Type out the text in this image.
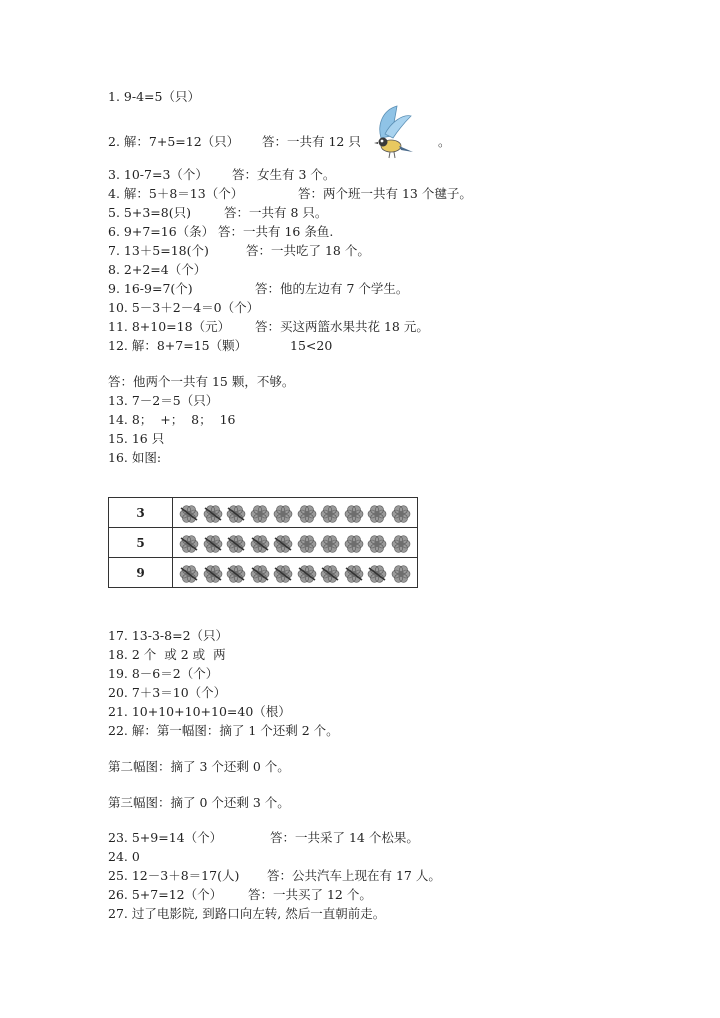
1. 9-4=5（只）
2. 解：7+5=12（只） 答：一共有 12 只	。
3. 10-7=3（个） 答：女生有 3 个。
4. 解：5＋8＝13（个）	答：两个班一共有 13 个毽子。
5. 5+3=8(只)	答：一共有 8 只。
6. 9+7=16（条） 答：一共有 16 条鱼.
7. 13＋5=18(个)	答：一共吃了 18 个。
8. 2+2=4（个）
9. 16-9=7(个)	答：他的左边有 7 个学生。
10. 5－3＋2－4＝0（个）
11. 8+10=18（元） 答：买这两篮水果共花 18 元。
12. 解：8+7=15（颗）	15<20
答：他两个一共有 15 颗，不够。
13. 7－2＝5（只）
14. 8；  +；  8；  16
15. 16 只
16. 如图:
3
5
9
17. 13-3-8=2（只）
18. 2 个  或 2 或  两
19. 8－6＝2（个）
20. 7＋3＝10（个）
21. 10+10+10+10=40（根）
22. 解：第一幅图：摘了 1 个还剩 2 个。
第二幅图：摘了 3 个还剩 0 个。
第三幅图：摘了 0 个还剩 3 个。
23. 5+9=14（个）	答：一共采了 14 个松果。
24. 0
25. 12－3＋8＝17(人) 答：公共汽车上现在有 17 人。
26. 5+7=12（个） 答：一共买了 12 个。
27. 过了电影院, 到路口向左转, 然后一直朝前走。
